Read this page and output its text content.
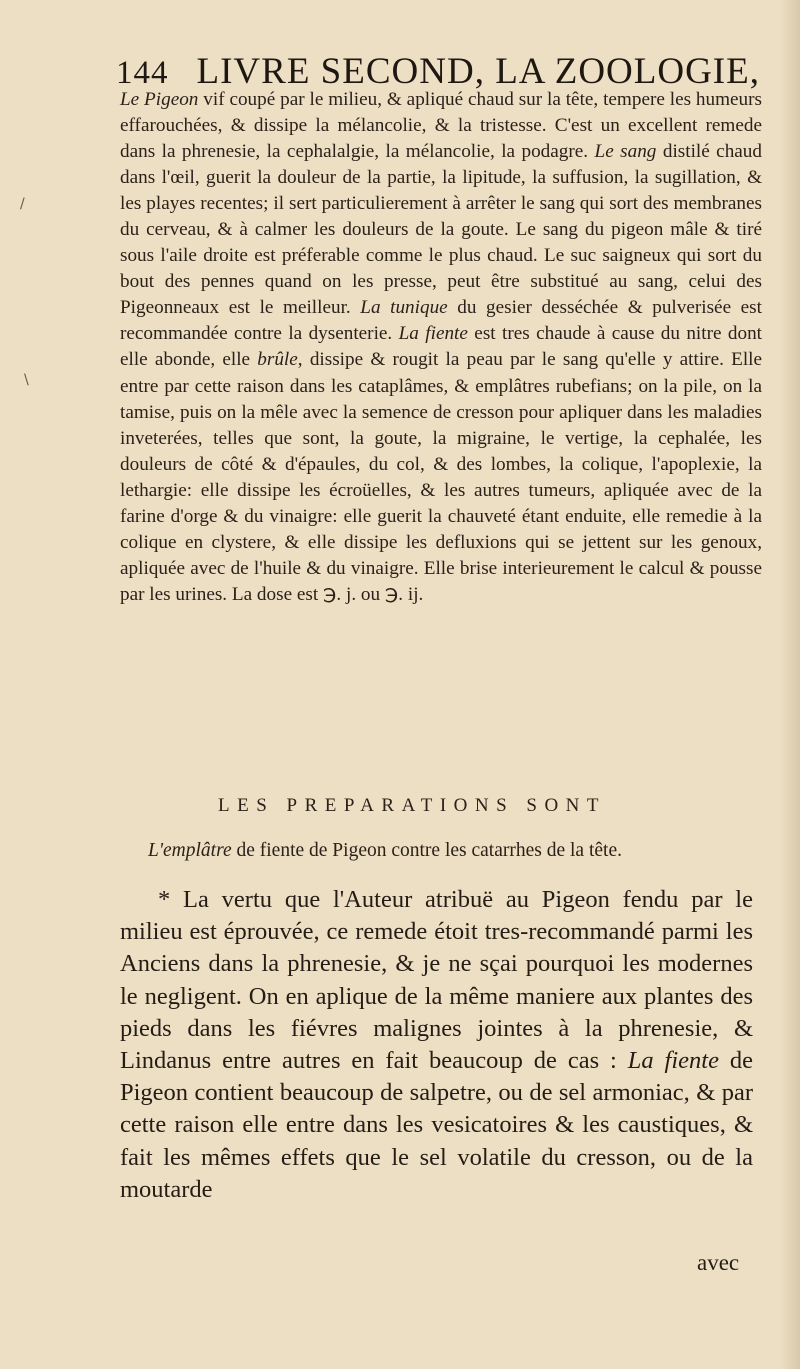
144 LIVRE SECOND, LA ZOOLOGIE,

Le Pigeon vif coupé par le milieu, & apliqué chaud sur la tête, tempere les humeurs effarouchées, & dissipe la mélancolie, & la tristesse. C'est un excellent remede dans la phrenesie, la cephalalgie, la mélancolie, la podagre. Le sang distilé chaud dans l'œil, guerit la douleur de la partie, la lipitude, la suffusion, la sugillation, & les playes recentes; il sert particulierement à arrêter le sang qui sort des membranes du cerveau, & à calmer les douleurs de la goute. Le sang du pigeon mâle & tiré sous l'aile droite est préferable comme le plus chaud. Le suc saigneux qui sort du bout des pennes quand on les presse, peut être substitué au sang, celui des Pigeonneaux est le meilleur. La tunique du gesier desséchée & pulverisée est recommandée contre la dysenterie. La fiente est tres chaude à cause du nitre dont elle abonde, elle brûle, dissipe & rougit la peau par le sang qu'elle y attire. Elle entre par cette raison dans les cataplâmes, & emplâtres rubefians; on la pile, on la tamise, puis on la mêle avec la semence de cresson pour apliquer dans les maladies inveterées, telles que sont, la goute, la migraine, le vertige, la cephalée, les douleurs de côté & d'épaules, du col, & des lombes, la colique, l'apoplexie, la lethargie: elle dissipe les écroüelles, & les autres tumeurs, apliquée avec de la farine d'orge & du vinaigre: elle guerit la chauveté étant enduite, elle remedie à la colique en clystere, & elle dissipe les defluxions qui se jettent sur les genoux, apliquée avec de l'huile & du vinaigre. Elle brise interieurement le calcul & pousse par les urines. La dose est ℈. j. ou ℈. ij.

LES PREPARATIONS SONT
L'emplâtre de fiente de Pigeon contre les catarrhes de la tête.

* La vertu que l'Auteur atribuë au Pigeon fendu par le milieu est éprouvée, ce remede étoit tres-recommandé parmi les Anciens dans la phrenesie, & je ne sçai pourquoi les modernes le negligent. On en aplique de la même maniere aux plantes des pieds dans les fiévres malignes jointes à la phrenesie, & Lindanus entre autres en fait beaucoup de cas : La fiente de Pigeon contient beaucoup de salpetre, ou de sel armoniac, & par cette raison elle entre dans les vesicatoires & les caustiques, & fait les mêmes effets que le sel volatile du cresson, ou de la moutarde

avec
/
\
